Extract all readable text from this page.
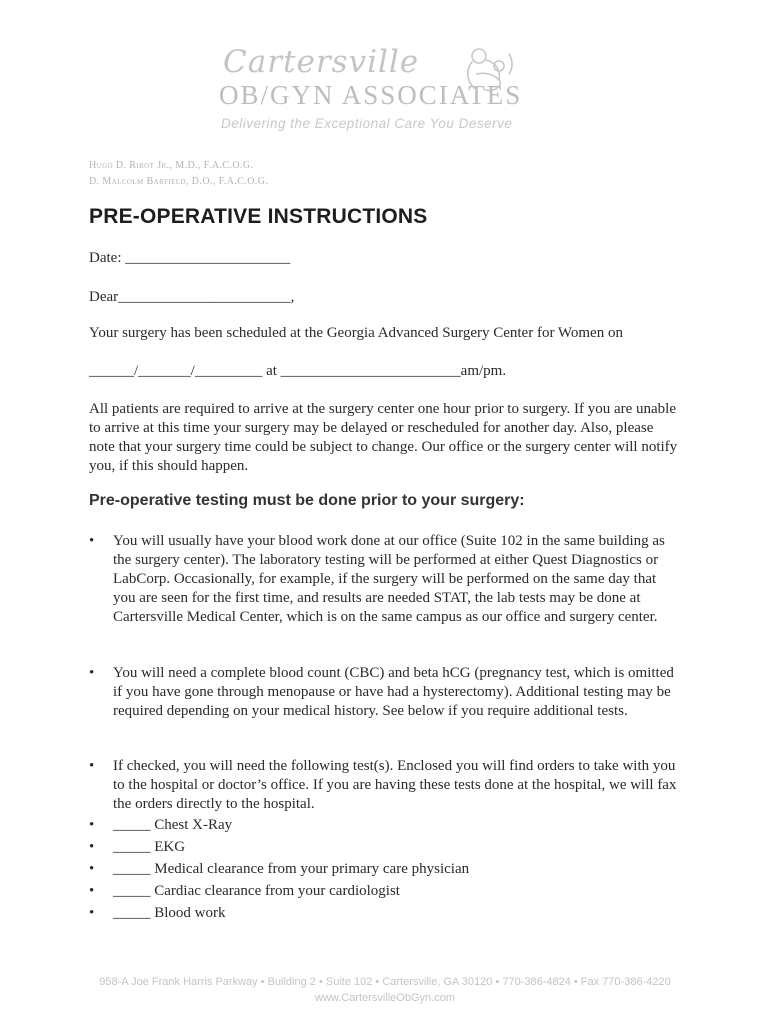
Cartersville
OB/GYN ASSOCIATES
Delivering the Exceptional Care You Deserve
Hugo D. Ribot Jr., M.D., F.A.C.O.G.
D. Malcolm Barfield, D.O., F.A.C.O.G.
PRE-OPERATIVE INSTRUCTIONS
Date: ______________________
Dear_______________________,
Your surgery has been scheduled at the Georgia Advanced Surgery Center for Women on
______/_______/_________ at ________________________am/pm.
All patients are required to arrive at the surgery center one hour prior to surgery. If you are unable to arrive at this time your surgery may be delayed or rescheduled for another day. Also, please note that your surgery time could be subject to change. Our office or the surgery center will notify you, if this should happen.
Pre-operative testing must be done prior to your surgery:
•	You will usually have your blood work done at our office (Suite 102 in the same building as the surgery center). The laboratory testing will be performed at either Quest Diagnostics or LabCorp. Occasionally, for example, if the surgery will be performed on the same day that you are seen for the first time, and results are needed STAT, the lab tests may be done at Cartersville Medical Center, which is on the same campus as our office and surgery center.
•	You will need a complete blood count (CBC) and beta hCG (pregnancy test, which is omitted if you have gone through menopause or have had a hysterectomy). Additional testing may be required depending on your medical history. See below if you require additional tests.
•	If checked, you will need the following test(s). Enclosed you will find orders to take with you to the hospital or doctor’s office. If you are having these tests done at the hospital, we will fax the orders directly to the hospital.
•	_____ Chest X-Ray
•	_____ EKG
•	_____ Medical clearance from your primary care physician
•	_____ Cardiac clearance from your cardiologist
•	_____ Blood work
958-A Joe Frank Harris Parkway • Building 2 • Suite 102 • Cartersville, GA 30120 • 770-386-4824 • Fax 770-386-4220
www.CartersvilleObGyn.com
